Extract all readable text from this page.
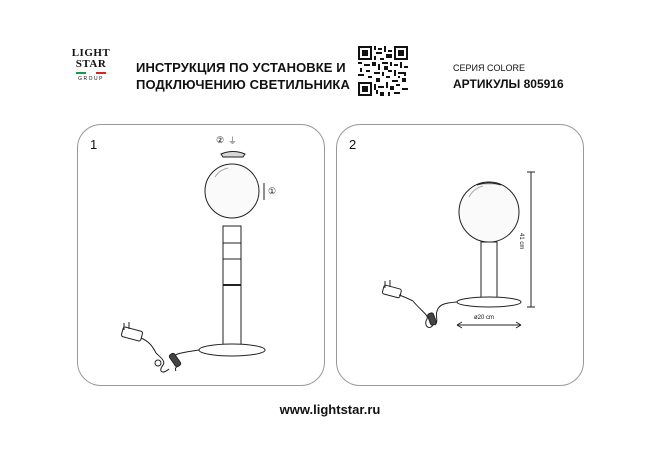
LIGHT
STAR
GROUP
ИНСТРУКЦИЯ ПО УСТАНОВКЕ И
ПОДКЛЮЧЕНИЮ СВЕТИЛЬНИКА
СЕРИЯ COLORE
АРТИКУЛЫ 805916
1	② ⏚
①
2
41 cm
ø20 cm
www.lightstar.ru
